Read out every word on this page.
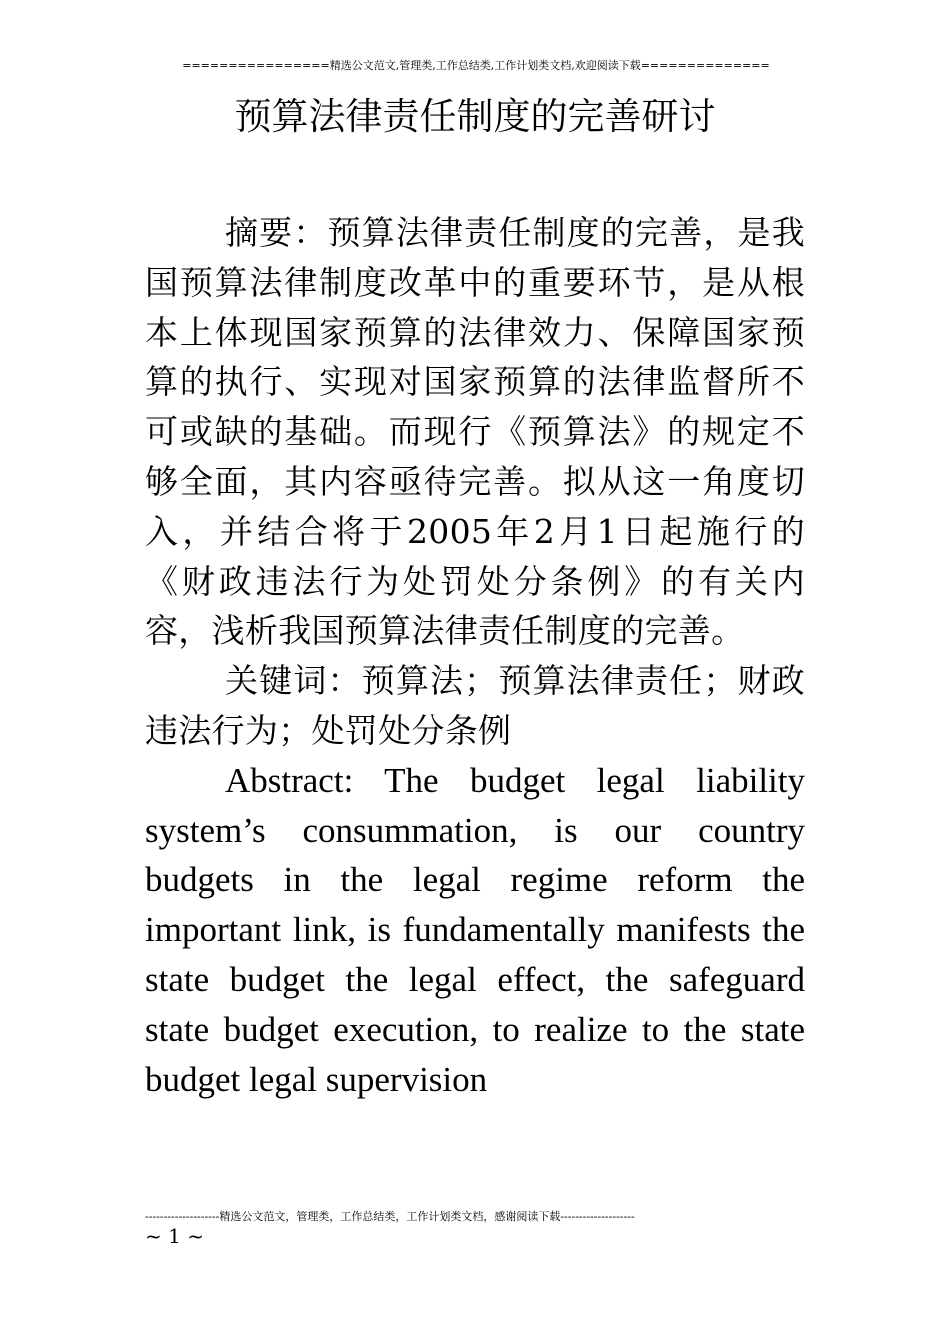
================精选公文范文,管理类,工作总结类,工作计划类文档,欢迎阅读下载==============
预算法律责任制度的完善研讨

摘要：预算法律责任制度的完善，是我国预算法律制度改革中的重要环节，是从根本上体现国家预算的法律效力、保障国家预算的执行、实现对国家预算的法律监督所不可或缺的基础。而现行《预算法》的规定不够全面，其内容亟待完善。拟从这一角度切入，并结合将于2005年2月1日起施行的《财政违法行为处罚处分条例》的有关内容，浅析我国预算法律责任制度的完善。

关键词：预算法；预算法律责任；财政违法行为；处罚处分条例

Abstract: The budget legal liability system’s consummation, is our country budgets in the legal regime reform the important link, is fundamentally manifests the state budget the legal effect, the safeguard state budget execution, to realize to the state budget legal supervision

--------------------精选公文范文，管理类，工作总结类，工作计划类文档，感谢阅读下载--------------------
~ 1 ~
